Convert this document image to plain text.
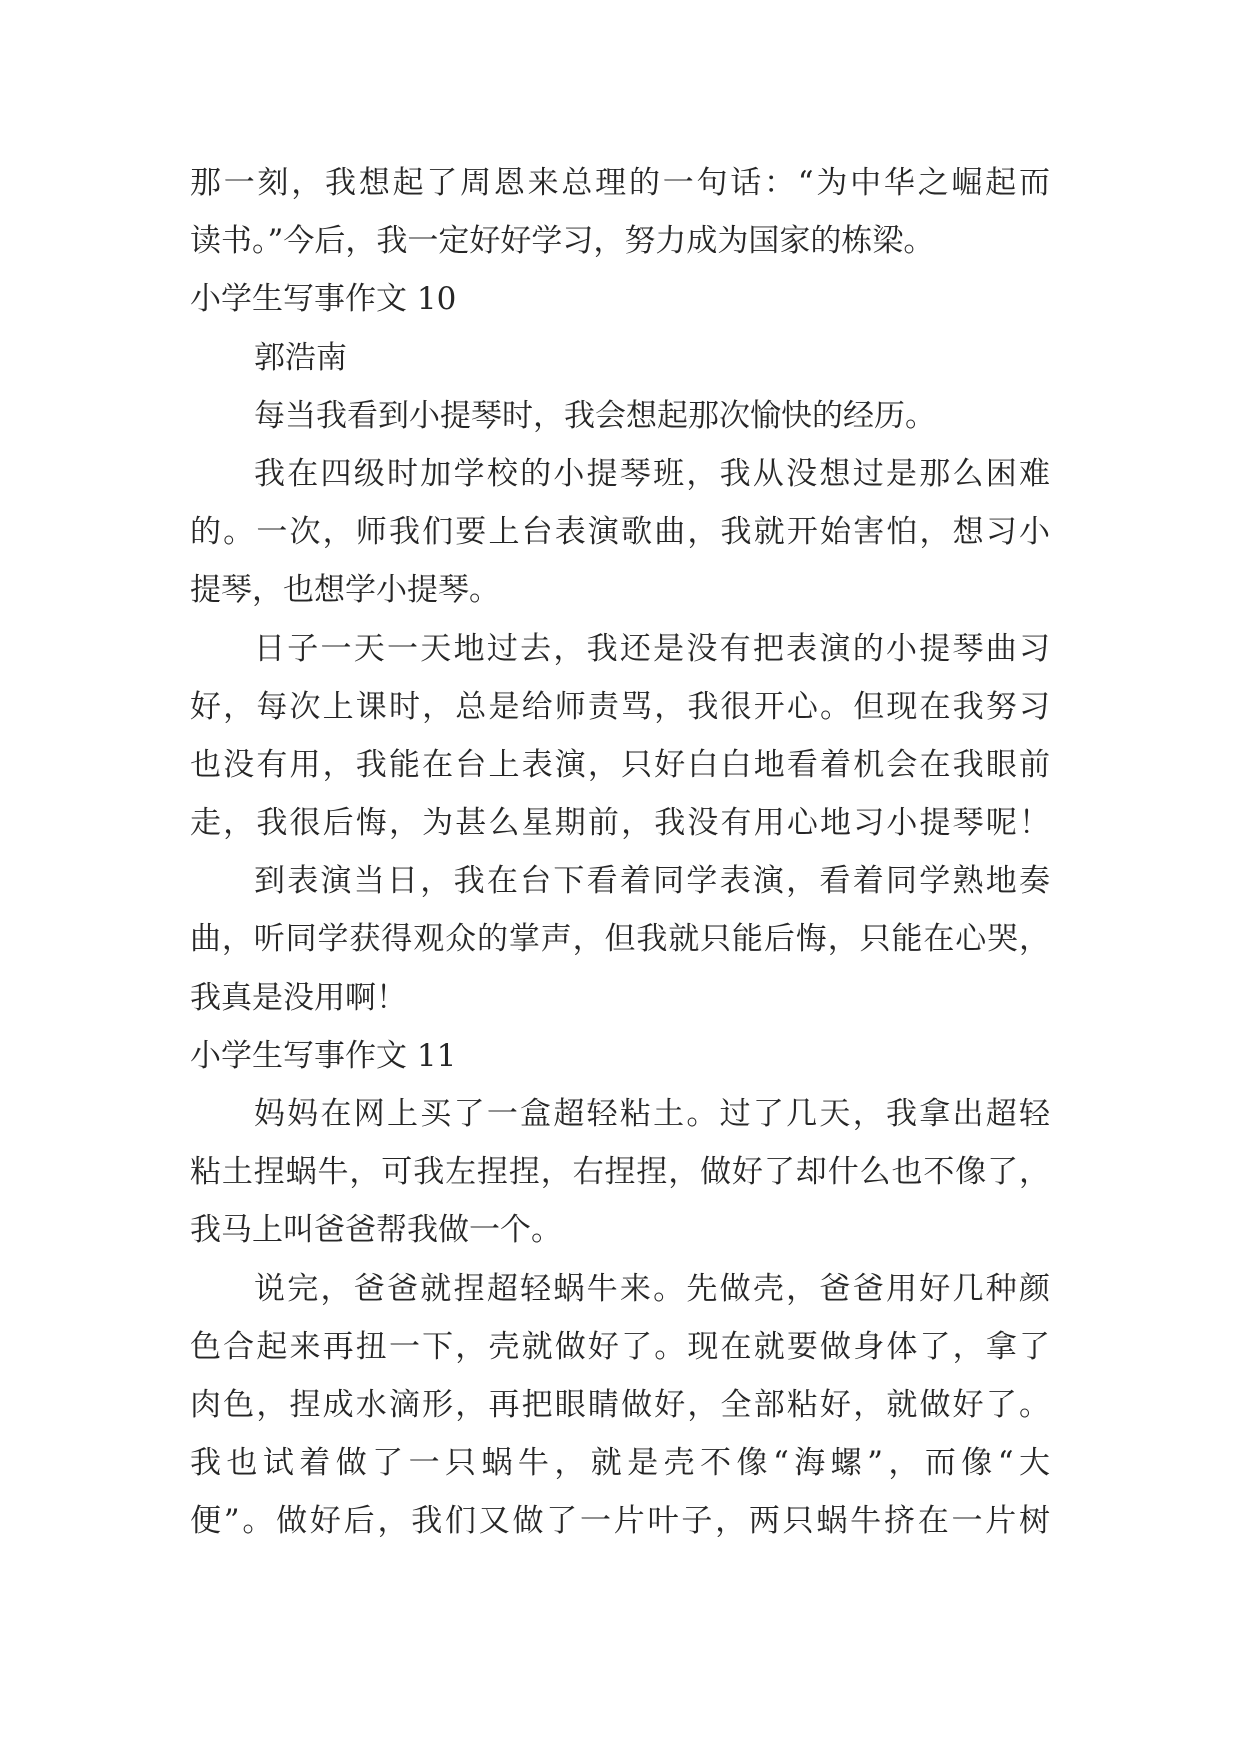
那一刻，我想起了周恩来总理的一句话：“为中华之崛起而
读书。”今后，我一定好好学习，努力成为国家的栋梁。
小学生写事作文 10
郭浩南
每当我看到小提琴时，我会想起那次愉快的经历。
我在四级时加学校的小提琴班，我从没想过是那么困难
的。一次，师我们要上台表演歌曲，我就开始害怕，想习小
提琴，也想学小提琴。
日子一天一天地过去，我还是没有把表演的小提琴曲习
好，每次上课时，总是给师责骂，我很开心。但现在我努习
也没有用，我能在台上表演，只好白白地看着机会在我眼前
走，我很后悔，为甚么星期前，我没有用心地习小提琴呢！
到表演当日，我在台下看着同学表演，看着同学熟地奏
曲，听同学获得观众的掌声，但我就只能后悔，只能在心哭，
我真是没用啊！
小学生写事作文 11
妈妈在网上买了一盒超轻粘土。过了几天，我拿出超轻
粘土捏蜗牛，可我左捏捏，右捏捏，做好了却什么也不像了，
我马上叫爸爸帮我做一个。
说完，爸爸就捏超轻蜗牛来。先做壳，爸爸用好几种颜
色合起来再扭一下，壳就做好了。现在就要做身体了，拿了
肉色，捏成水滴形，再把眼睛做好，全部粘好，就做好了。
我也试着做了一只蜗牛，就是壳不像“海螺”，而像“大
便”。做好后，我们又做了一片叶子，两只蜗牛挤在一片树
